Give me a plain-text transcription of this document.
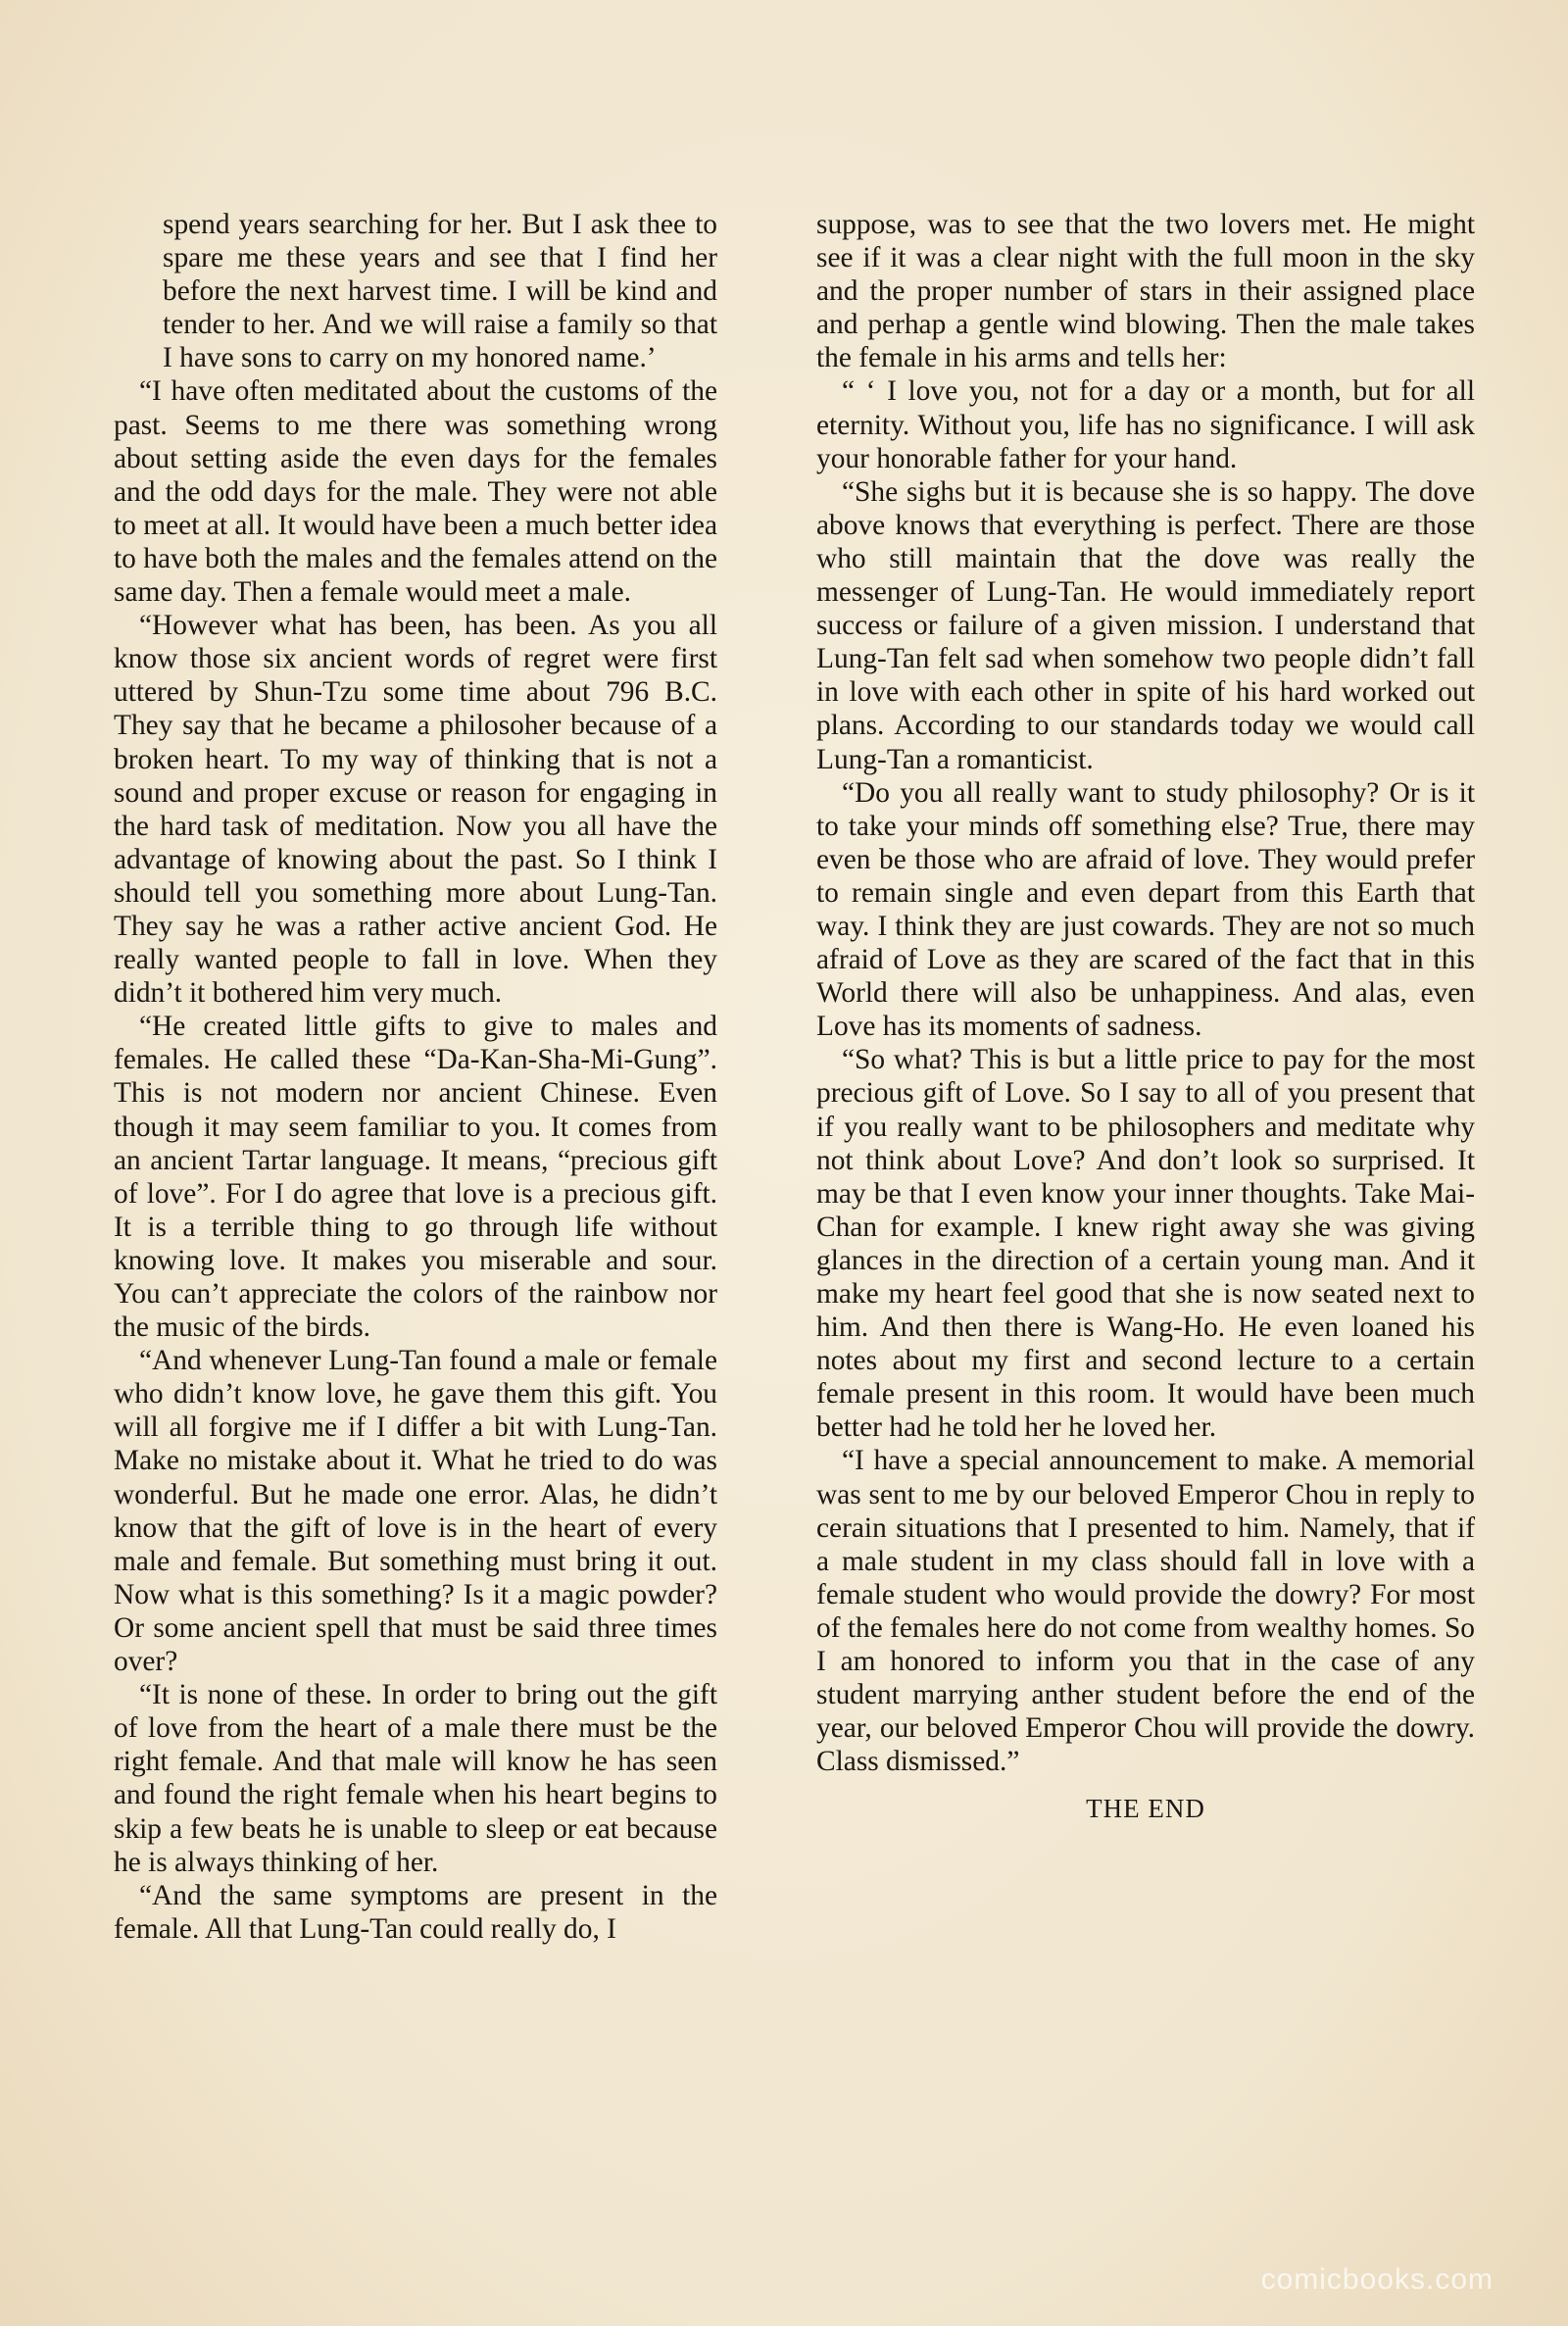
spend years searching for her. But I ask thee to spare me these years and see that I find her before the next harvest time. I will be kind and tender to her. And we will raise a family so that I have sons to carry on my honored name.’

“I have often meditated about the customs of the past. Seems to me there was something wrong about setting aside the even days for the females and the odd days for the male. They were not able to meet at all. It would have been a much better idea to have both the males and the females attend on the same day. Then a female would meet a male.

“However what has been, has been. As you all know those six ancient words of regret were first uttered by Shun-Tzu some time about 796 B.C. They say that he became a philosoher because of a broken heart. To my way of thinking that is not a sound and proper excuse or reason for engaging in the hard task of meditation. Now you all have the advantage of knowing about the past. So I think I should tell you something more about Lung-Tan. They say he was a rather active ancient God. He really wanted people to fall in love. When they didn’t it bothered him very much.

“He created little gifts to give to males and females. He called these “Da-Kan-Sha-Mi-Gung”. This is not modern nor ancient Chinese. Even though it may seem familiar to you. It comes from an ancient Tartar language. It means, “precious gift of love”. For I do agree that love is a precious gift. It is a terrible thing to go through life without knowing love. It makes you miserable and sour. You can’t appreciate the colors of the rainbow nor the music of the birds.

“And whenever Lung-Tan found a male or female who didn’t know love, he gave them this gift. You will all forgive me if I differ a bit with Lung-Tan. Make no mistake about it. What he tried to do was wonderful. But he made one error. Alas, he didn’t know that the gift of love is in the heart of every male and female. But something must bring it out. Now what is this something? Is it a magic powder? Or some ancient spell that must be said three times over?

“It is none of these. In order to bring out the gift of love from the heart of a male there must be the right female. And that male will know he has seen and found the right female when his heart begins to skip a few beats he is unable to sleep or eat because he is always thinking of her.

“And the same symptoms are present in the female. All that Lung-Tan could really do, I

suppose, was to see that the two lovers met. He might see if it was a clear night with the full moon in the sky and the proper number of stars in their assigned place and perhap a gentle wind blowing. Then the male takes the female in his arms and tells her:

“ ‘ I love you, not for a day or a month, but for all eternity. Without you, life has no significance. I will ask your honorable father for your hand.

“She sighs but it is because she is so happy. The dove above knows that everything is perfect. There are those who still maintain that the dove was really the messenger of Lung-Tan. He would immediately report success or failure of a given mission. I understand that Lung-Tan felt sad when somehow two people didn’t fall in love with each other in spite of his hard worked out plans. According to our standards today we would call Lung-Tan a romanticist.

“Do you all really want to study philosophy? Or is it to take your minds off something else? True, there may even be those who are afraid of love. They would prefer to remain single and even depart from this Earth that way. I think they are just cowards. They are not so much afraid of Love as they are scared of the fact that in this World there will also be unhappiness. And alas, even Love has its moments of sadness.

“So what? This is but a little price to pay for the most precious gift of Love. So I say to all of you present that if you really want to be philosophers and meditate why not think about Love? And don’t look so surprised. It may be that I even know your inner thoughts. Take Mai-Chan for example. I knew right away she was giving glances in the direction of a certain young man. And it make my heart feel good that she is now seated next to him. And then there is Wang-Ho. He even loaned his notes about my first and second lecture to a certain female present in this room. It would have been much better had he told her he loved her.

“I have a special announcement to make. A memorial was sent to me by our beloved Emperor Chou in reply to cerain situations that I presented to him. Namely, that if a male student in my class should fall in love with a female student who would provide the dowry? For most of the females here do not come from wealthy homes. So I am honored to inform you that in the case of any student marrying anther student before the end of the year, our beloved Emperor Chou will provide the dowry. Class dismissed.”

THE END
comicbooks.com
